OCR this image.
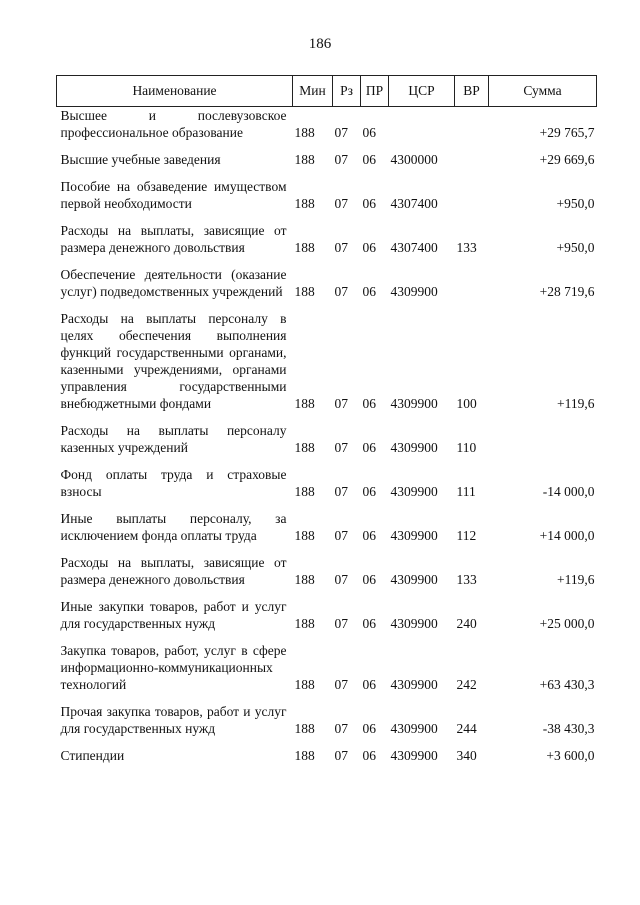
186
Наименование	Мин	Рз	ПР	ЦСР	ВР	Сумма
Высшее и послевузовское профессиональное образование	188	07	06			+29 765,7
Высшие учебные заведения	188	07	06	4300000		+29 669,6
Пособие на обзаведение имуществом первой необходимости	188	07	06	4307400		+950,0
Расходы на выплаты, зависящие от размера денежного довольствия	188	07	06	4307400	133	+950,0
Обеспечение деятельности (оказание услуг) подведомственных учреждений	188	07	06	4309900		+28 719,6
Расходы на выплаты персоналу в целях обеспечения выполнения функций государственными органами, казенными учреждениями, органами управления государственными внебюджетными фондами	188	07	06	4309900	100	+119,6
Расходы на выплаты персоналу казенных учреждений	188	07	06	4309900	110	
Фонд оплаты труда и страховые взносы	188	07	06	4309900	111	-14 000,0
Иные выплаты персоналу, за исключением фонда оплаты труда	188	07	06	4309900	112	+14 000,0
Расходы на выплаты, зависящие от размера денежного довольствия	188	07	06	4309900	133	+119,6
Иные закупки товаров, работ и услуг для государственных нужд	188	07	06	4309900	240	+25 000,0
Закупка товаров, работ, услуг в сфере информационно-коммуникационных технологий	188	07	06	4309900	242	+63 430,3
Прочая закупка товаров, работ и услуг для государственных нужд	188	07	06	4309900	244	-38 430,3
Стипендии	188	07	06	4309900	340	+3 600,0
